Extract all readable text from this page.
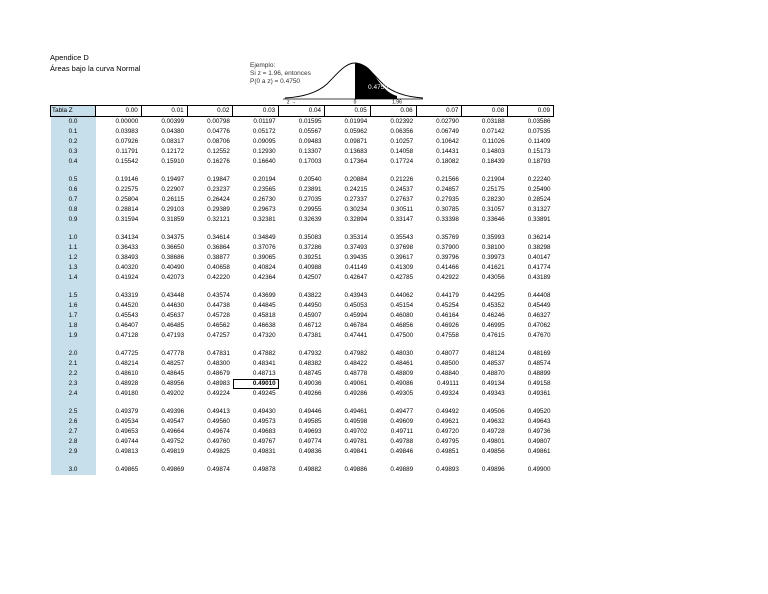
Apendice D
Áreas bajo la curva Normal	Ejemplo:
Si z = 1.96, entonces
P(0 a z) = 0.4750
0.4750
z →	0	1.96
Tabla Z	0.00	0.01	0.02	0.03	0.04	0.05	0.06	0.07	0.08	0.09
0.0	0.00000	0.00399	0.00798	0.01197	0.01595	0.01994	0.02392	0.02790	0.03188	0.03586
0.1	0.03983	0.04380	0.04776	0.05172	0.05567	0.05962	0.06356	0.06749	0.07142	0.07535
0.2	0.07926	0.08317	0.08706	0.09095	0.09483	0.09871	0.10257	0.10642	0.11026	0.11409
0.3	0.11791	0.12172	0.12552	0.12930	0.13307	0.13683	0.14058	0.14431	0.14803	0.15173
0.4	0.15542	0.15910	0.16276	0.16640	0.17003	0.17364	0.17724	0.18082	0.18439	0.18793

0.5	0.19146	0.19497	0.19847	0.20194	0.20540	0.20884	0.21226	0.21566	0.21904	0.22240
0.6	0.22575	0.22907	0.23237	0.23565	0.23891	0.24215	0.24537	0.24857	0.25175	0.25490
0.7	0.25804	0.26115	0.26424	0.26730	0.27035	0.27337	0.27637	0.27935	0.28230	0.28524
0.8	0.28814	0.29103	0.29389	0.29673	0.29955	0.30234	0.30511	0.30785	0.31057	0.31327
0.9	0.31594	0.31859	0.32121	0.32381	0.32639	0.32894	0.33147	0.33398	0.33646	0.33891

1.0	0.34134	0.34375	0.34614	0.34849	0.35083	0.35314	0.35543	0.35769	0.35993	0.36214
1.1	0.36433	0.36650	0.36864	0.37076	0.37286	0.37493	0.37698	0.37900	0.38100	0.38298
1.2	0.38493	0.38686	0.38877	0.39065	0.39251	0.39435	0.39617	0.39796	0.39973	0.40147
1.3	0.40320	0.40490	0.40658	0.40824	0.40988	0.41149	0.41309	0.41466	0.41621	0.41774
1.4	0.41924	0.42073	0.42220	0.42364	0.42507	0.42647	0.42785	0.42922	0.43056	0.43189

1.5	0.43319	0.43448	0.43574	0.43699	0.43822	0.43943	0.44062	0.44179	0.44295	0.44408
1.6	0.44520	0.44630	0.44738	0.44845	0.44950	0.45053	0.45154	0.45254	0.45352	0.45449
1.7	0.45543	0.45637	0.45728	0.45818	0.45907	0.45994	0.46080	0.46164	0.46246	0.46327
1.8	0.46407	0.46485	0.46562	0.46638	0.46712	0.46784	0.46856	0.46926	0.46995	0.47062
1.9	0.47128	0.47193	0.47257	0.47320	0.47381	0.47441	0.47500	0.47558	0.47615	0.47670

2.0	0.47725	0.47778	0.47831	0.47882	0.47932	0.47982	0.48030	0.48077	0.48124	0.48169
2.1	0.48214	0.48257	0.48300	0.48341	0.48382	0.48422	0.48461	0.48500	0.48537	0.48574
2.2	0.48610	0.48645	0.48679	0.48713	0.48745	0.48778	0.48809	0.48840	0.48870	0.48899
2.3	0.48928	0.48956	0.48983	0.49010	0.49036	0.49061	0.49086	0.49111	0.49134	0.49158
2.4	0.49180	0.49202	0.49224	0.49245	0.49266	0.49286	0.49305	0.49324	0.49343	0.49361

2.5	0.49379	0.49396	0.49413	0.49430	0.49446	0.49461	0.49477	0.49492	0.49506	0.49520
2.6	0.49534	0.49547	0.49560	0.49573	0.49585	0.49598	0.49609	0.49621	0.49632	0.49643
2.7	0.49653	0.49664	0.49674	0.49683	0.49693	0.49702	0.49711	0.49720	0.49728	0.49736
2.8	0.49744	0.49752	0.49760	0.49767	0.49774	0.49781	0.49788	0.49795	0.49801	0.49807
2.9	0.49813	0.49819	0.49825	0.49831	0.49836	0.49841	0.49846	0.49851	0.49856	0.49861

3.0	0.49865	0.49869	0.49874	0.49878	0.49882	0.49886	0.49889	0.49893	0.49896	0.49900
